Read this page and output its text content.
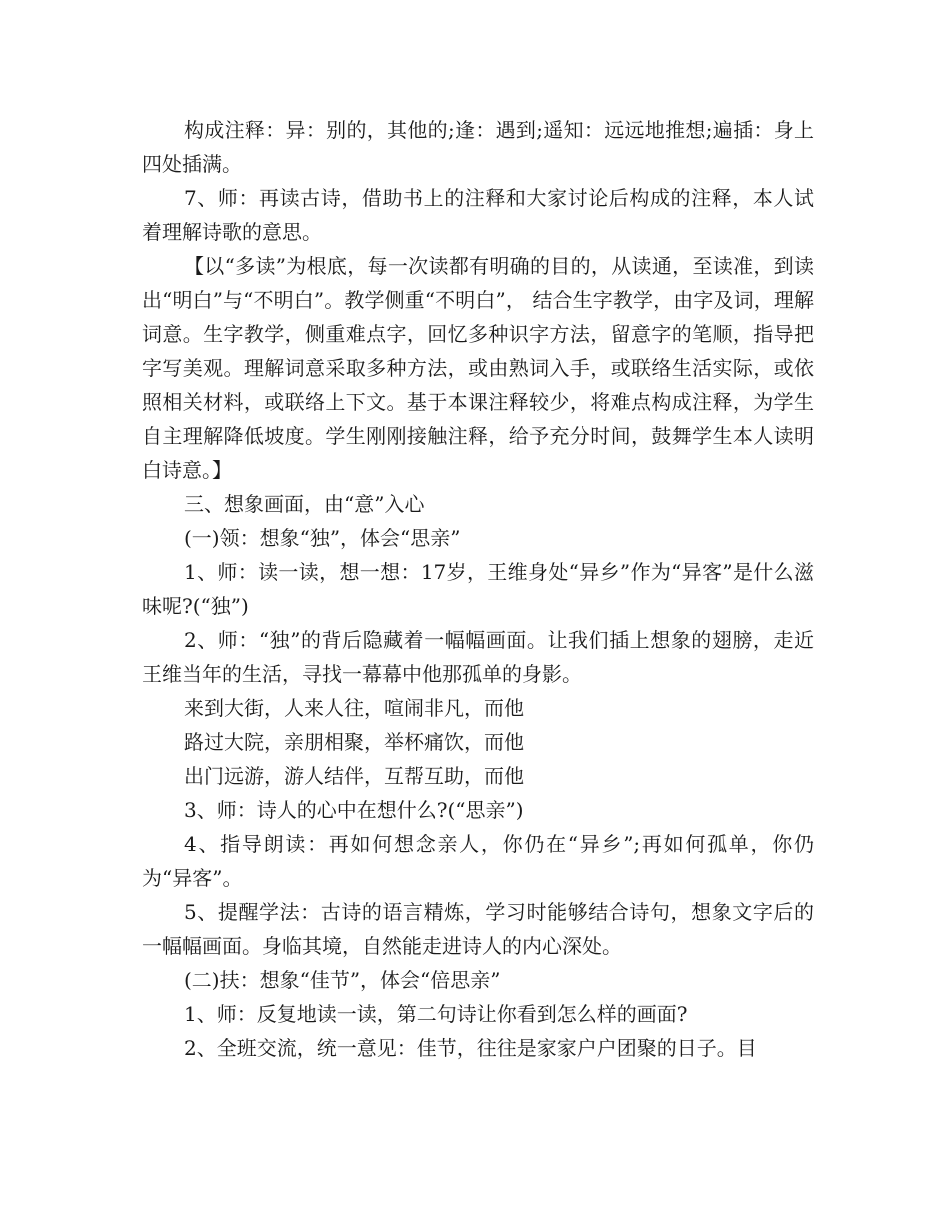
构成注释：异：别的，其他的;逢：遇到;遥知：远远地推想;遍插：身上四处插满。

7、师：再读古诗，借助书上的注释和大家讨论后构成的注释，本人试着理解诗歌的意思。

【以“多读”为根底，每一次读都有明确的目的，从读通，至读准，到读出“明白”与“不明白”。教学侧重“不明白”， 结合生字教学，由字及词，理解词意。生字教学，侧重难点字，回忆多种识字方法，留意字的笔顺，指导把字写美观。理解词意采取多种方法，或由熟词入手，或联络生活实际，或依照相关材料，或联络上下文。基于本课注释较少，将难点构成注释，为学生自主理解降低坡度。学生刚刚接触注释，给予充分时间，鼓舞学生本人读明白诗意。】

三、想象画面，由“意”入心

(一)领：想象“独”，体会“思亲”

1、师：读一读，想一想：17岁，王维身处“异乡”作为“异客”是什么滋味呢?(“独”)

2、师：“独”的背后隐藏着一幅幅画面。让我们插上想象的翅膀，走近王维当年的生活，寻找一幕幕中他那孤单的身影。

来到大街，人来人往，喧闹非凡，而他

路过大院，亲朋相聚，举杯痛饮，而他

出门远游，游人结伴，互帮互助，而他

3、师：诗人的心中在想什么?(“思亲”)

4、指导朗读：再如何想念亲人，你仍在“异乡”;再如何孤单，你仍为“异客”。

5、提醒学法：古诗的语言精炼，学习时能够结合诗句，想象文字后的一幅幅画面。身临其境，自然能走进诗人的内心深处。

(二)扶：想象“佳节”，体会“倍思亲”

1、师：反复地读一读，第二句诗让你看到怎么样的画面?

2、全班交流，统一意见：佳节，往往是家家户户团聚的日子。目
